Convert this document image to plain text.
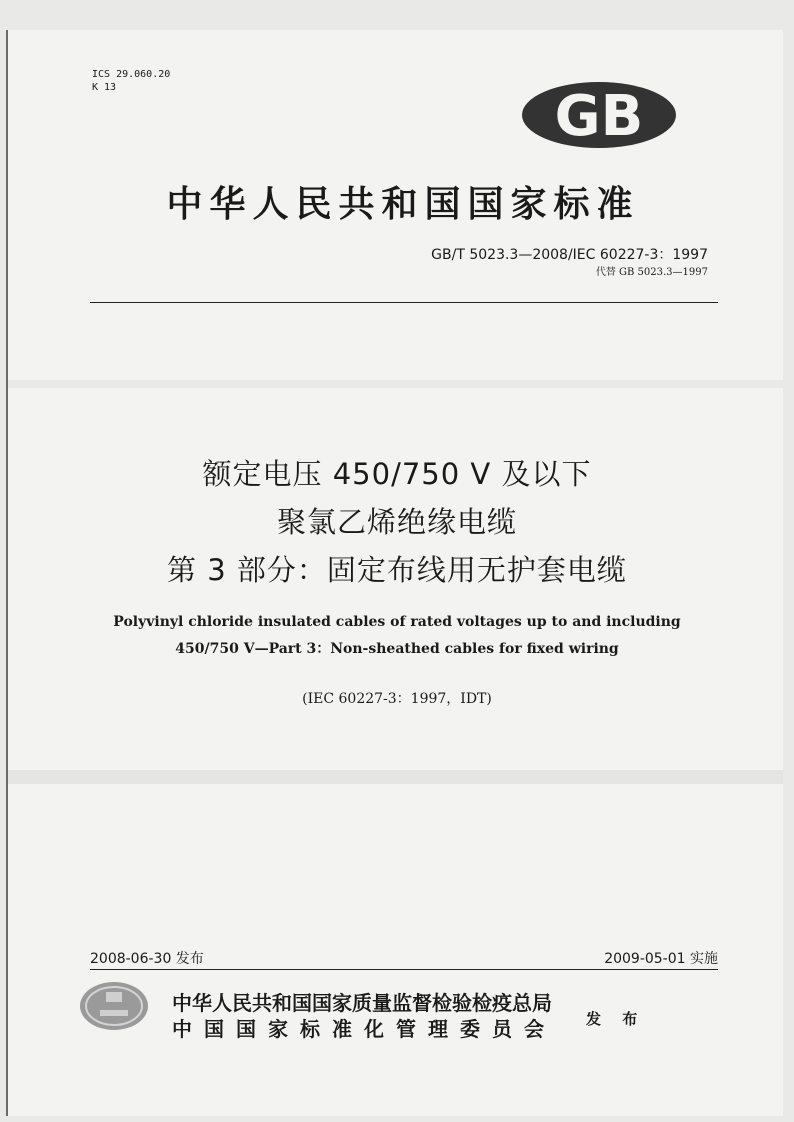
ICS 29.060.20
K 13	GB
中华人民共和国国家标准
GB/T 5023.3—2008/IEC 60227-3：1997
代替 GB 5023.3—1997
额定电压 450/750 V 及以下
聚氯乙烯绝缘电缆
第 3 部分：固定布线用无护套电缆
Polyvinyl chloride insulated cables of rated voltages up to and including
450/750 V—Part 3：Non-sheathed cables for fixed wiring
(IEC 60227-3：1997，IDT)
2008-06-30 发布	2009-05-01 实施
中华人民共和国国家质量监督检验检疫总局
中国国家标准化管理委员会 发 布
